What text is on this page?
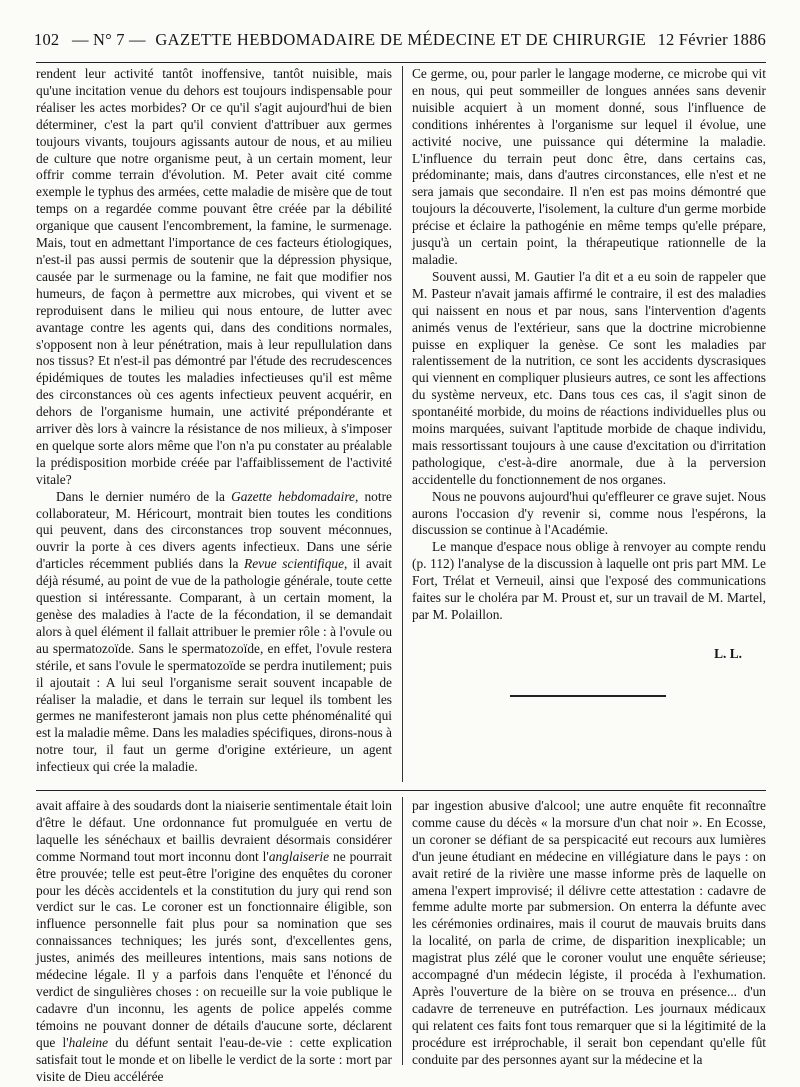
102 — N° 7 — GAZETTE HEBDOMADAIRE DE MÉDECINE ET DE CHIRURGIE 12 Février 1886

rendent leur activité tantôt inoffensive, tantôt nuisible, mais qu'une incitation venue du dehors est toujours indispensable pour réaliser les actes morbides? Or ce qu'il s'agit aujourd'hui de bien déterminer, c'est la part qu'il convient d'attribuer aux germes toujours vivants, toujours agissants autour de nous, et au milieu de culture que notre organisme peut, à un certain moment, leur offrir comme terrain d'évolution. M. Peter avait cité comme exemple le typhus des armées, cette maladie de misère que de tout temps on a regardée comme pouvant être créée par la débilité organique que causent l'encombrement, la famine, le surmenage. Mais, tout en admettant l'importance de ces facteurs étiologiques, n'est-il pas aussi permis de soutenir que la dépression physique, causée par le surmenage ou la famine, ne fait que modifier nos humeurs, de façon à permettre aux microbes, qui vivent et se reproduisent dans le milieu qui nous entoure, de lutter avec avantage contre les agents qui, dans des conditions normales, s'opposent non à leur pénétration, mais à leur repullulation dans nos tissus? Et n'est-il pas démontré par l'étude des recrudescences épidémiques de toutes les maladies infectieuses qu'il est même des circonstances où ces agents infectieux peuvent acquérir, en dehors de l'organisme humain, une activité prépondérante et arriver dès lors à vaincre la résistance de nos milieux, à s'imposer en quelque sorte alors même que l'on n'a pu constater au préalable la prédisposition morbide créée par l'affaiblissement de l'activité vitale?

Dans le dernier numéro de la Gazette hebdomadaire, notre collaborateur, M. Héricourt, montrait bien toutes les conditions qui peuvent, dans des circonstances trop souvent méconnues, ouvrir la porte à ces divers agents infectieux. Dans une série d'articles récemment publiés dans la Revue scientifique, il avait déjà résumé, au point de vue de la pathologie générale, toute cette question si intéressante. Comparant, à un certain moment, la genèse des maladies à l'acte de la fécondation, il se demandait alors à quel élément il fallait attribuer le premier rôle : à l'ovule ou au spermatozoïde. Sans le spermatozoïde, en effet, l'ovule restera stérile, et sans l'ovule le spermatozoïde se perdra inutilement; puis il ajoutait : A lui seul l'organisme serait souvent incapable de réaliser la maladie, et dans le terrain sur lequel ils tombent les germes ne manifesteront jamais non plus cette phénoménalité qui est la maladie même. Dans les maladies spécifiques, dirons-nous à notre tour, il faut un germe d'origine extérieure, un agent infectieux qui crée la maladie.

Ce germe, ou, pour parler le langage moderne, ce microbe qui vit en nous, qui peut sommeiller de longues années sans devenir nuisible acquiert à un moment donné, sous l'influence de conditions inhérentes à l'organisme sur lequel il évolue, une activité nocive, une puissance qui détermine la maladie. L'influence du terrain peut donc être, dans certains cas, prédominante; mais, dans d'autres circonstances, elle n'est et ne sera jamais que secondaire. Il n'en est pas moins démontré que toujours la découverte, l'isolement, la culture d'un germe morbide précise et éclaire la pathogénie en même temps qu'elle prépare, jusqu'à un certain point, la thérapeutique rationnelle de la maladie.

Souvent aussi, M. Gautier l'a dit et a eu soin de rappeler que M. Pasteur n'avait jamais affirmé le contraire, il est des maladies qui naissent en nous et par nous, sans l'intervention d'agents animés venus de l'extérieur, sans que la doctrine microbienne puisse en expliquer la genèse. Ce sont les maladies par ralentissement de la nutrition, ce sont les accidents dyscrasiques qui viennent en compliquer plusieurs autres, ce sont les affections du système nerveux, etc. Dans tous ces cas, il s'agit sinon de spontanéité morbide, du moins de réactions individuelles plus ou moins marquées, suivant l'aptitude morbide de chaque individu, mais ressortissant toujours à une cause d'excitation ou d'irritation pathologique, c'est-à-dire anormale, due à la perversion accidentelle du fonctionnement de nos organes.

Nous ne pouvons aujourd'hui qu'effleurer ce grave sujet. Nous aurons l'occasion d'y revenir si, comme nous l'espérons, la discussion se continue à l'Académie.

Le manque d'espace nous oblige à renvoyer au compte rendu (p. 112) l'analyse de la discussion à laquelle ont pris part MM. Le Fort, Trélat et Verneuil, ainsi que l'exposé des communications faites sur le choléra par M. Proust et, sur un travail de M. Martel, par M. Polaillon.

L. L.

avait affaire à des soudards dont la niaiserie sentimentale était loin d'être le défaut. Une ordonnance fut promulguée en vertu de laquelle les sénéchaux et baillis devraient désormais considérer comme Normand tout mort inconnu dont l'anglaiserie ne pourrait être prouvée; telle est peut-être l'origine des enquêtes du coroner pour les décès accidentels et la constitution du jury qui rend son verdict sur le cas. Le coroner est un fonctionnaire éligible, son influence personnelle fait plus pour sa nomination que ses connaissances techniques; les jurés sont, d'excellentes gens, justes, animés des meilleures intentions, mais sans notions de médecine légale. Il y a parfois dans l'enquête et l'énoncé du verdict de singulières choses : on recueille sur la voie publique le cadavre d'un inconnu, les agents de police appelés comme témoins ne pouvant donner de détails d'aucune sorte, déclarent que l'haleine du défunt sentait l'eau-de-vie : cette explication satisfait tout le monde et on libelle le verdict de la sorte : mort par visite de Dieu accélérée

par ingestion abusive d'alcool; une autre enquête fit reconnaître comme cause du décès « la morsure d'un chat noir ». En Ecosse, un coroner se défiant de sa perspicacité eut recours aux lumières d'un jeune étudiant en médecine en villégiature dans le pays : on avait retiré de la rivière une masse informe près de laquelle on amena l'expert improvisé; il délivre cette attestation : cadavre de femme adulte morte par submersion. On enterra la défunte avec les cérémonies ordinaires, mais il courut de mauvais bruits dans la localité, on parla de crime, de disparition inexplicable; un magistrat plus zélé que le coroner voulut une enquête sérieuse; accompagné d'un médecin légiste, il procéda à l'exhumation. Après l'ouverture de la bière on se trouva en présence... d'un cadavre de terreneuve en putréfaction. Les journaux médicaux qui relatent ces faits font tous remarquer que si la légitimité de la procédure est irréprochable, il serait bon cependant qu'elle fût conduite par des personnes ayant sur la médecine et la
